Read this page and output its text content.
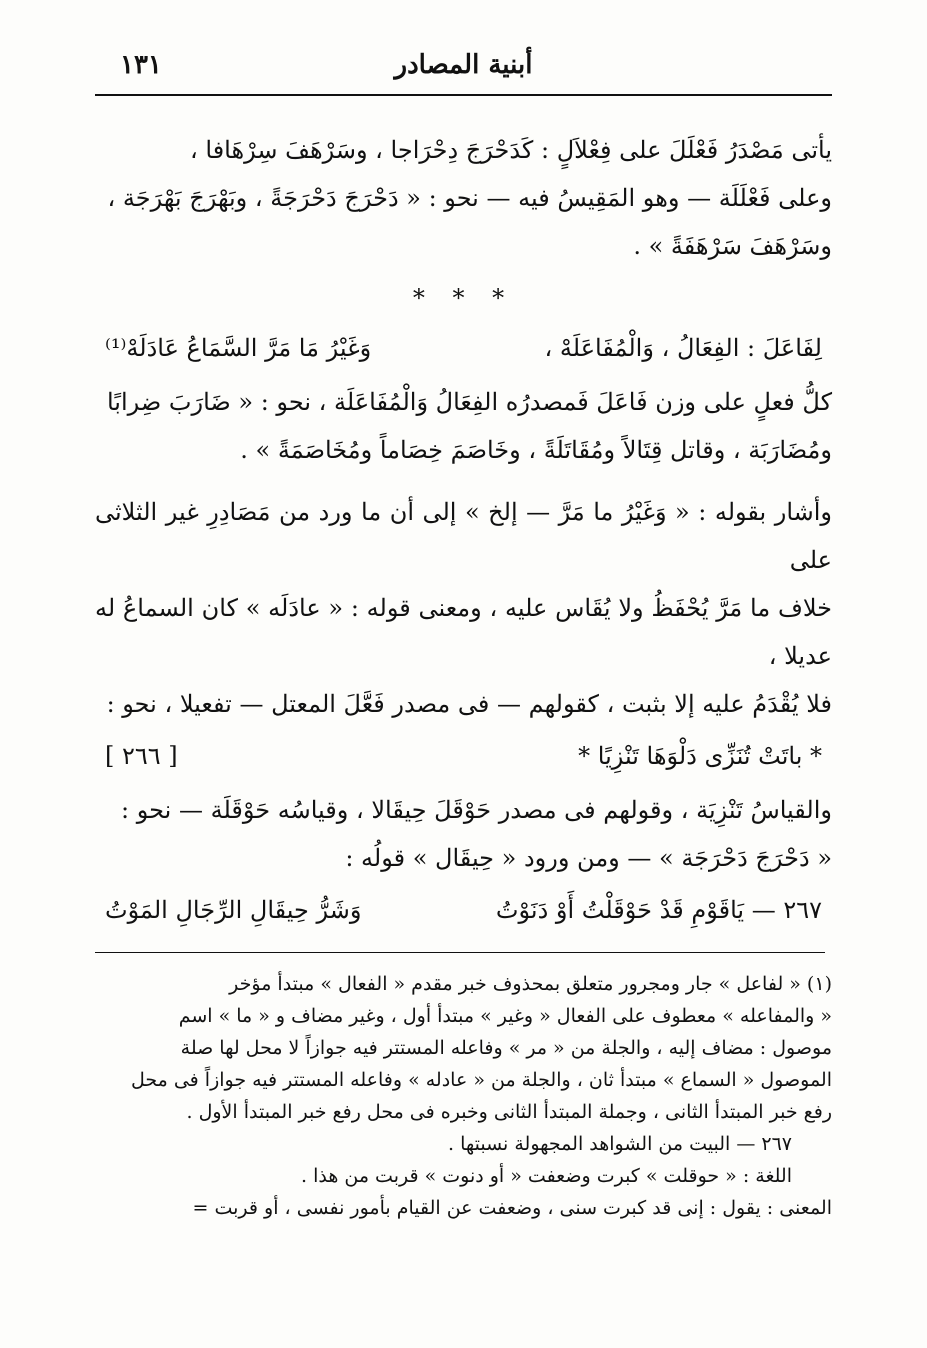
أبنية المصادر
١٣١

يأتى مَصْدَرُ فَعْلَلَ على فِعْلاَلٍ : كَدَحْرَجَ دِحْرَاجا ، وسَرْهَفَ سِرْهَافا ،
وعلى فَعْلَلَة — وهو المَقِيسُ فيه — نحو : « دَحْرَجَ دَحْرَجَةً ، وبَهْرَجَ بَهْرَجَة ،
وسَرْهَفَ سَرْهَفَةً » .

* * *

لِفَاعَلَ : الفِعَالُ ، وَالْمُفَاعَلَهْ ،
وَغَيْرُ مَا مَرَّ السَّمَاعُ عَادَلَهْ⁽¹⁾

كلُّ فعلٍ على وزن فَاعَلَ فَمصدرُه الفِعَالُ وَالْمُفَاعَلَة ، نحو : « ضَارَبَ ضِرابًا
ومُضَارَبَة ، وقاتل قِتَالاً ومُقَاتَلَةً ، وخَاصَمَ خِصَاماً ومُخَاصَمَةً » .

وأشار بقوله : « وَغَيْرُ ما مَرَّ — إلخ » إلى أن ما ورد من مَصَادِرِ غير الثلاثى على
خلاف ما مَرَّ يُحْفَظُ ولا يُقَاس عليه ، ومعنى قوله : « عادَلَه » كان السماعُ له عديلا ،
فلا يُقْدَمُ عليه إلا بثبت ، كقولهم — فى مصدر فَعَّلَ المعتل — تفعيلا ، نحو :

* باتَتْ تُنَزِّى دَلْوَهَا تَنْزِيًا *
[ ٢٦٦ ]

والقياسُ تَنْزِيَة ، وقولهم فى مصدر حَوْقَلَ حِيقَالا ، وقياسُه حَوْقَلَة — نحو :
« دَحْرَجَ دَحْرَجَة » — ومن ورود « حِيقَال » قولُه :

٢٦٧ — يَاقَوْمِ قَدْ حَوْقَلْتُ أَوْ دَنَوْتُ
وَشَرُّ حِيقَالِ الرِّجَالِ المَوْتُ

(١) « لفاعل » جار ومجرور متعلق بمحذوف خبر مقدم « الفعال » مبتدأ مؤخر
« والمفاعله » معطوف على الفعال « وغير » مبتدأ أول ، وغير مضاف و « ما » اسم
موصول : مضاف إليه ، والجلة من « مر » وفاعله المستتر فيه جوازاً لا محل لها صلة
الموصول « السماع » مبتدأ ثان ، والجلة من « عادله » وفاعله المستتر فيه جوازاً فى محل
رفع خبر المبتدأ الثانى ، وجملة المبتدأ الثانى وخبره فى محل رفع خبر المبتدأ الأول .

٢٦٧ — البيت من الشواهد المجهولة نسبتها .

اللغة : « حوقلت » كبرت وضعفت « أو دنوت » قربت من هذا .

المعنى : يقول : إنى قد كبرت سنى ، وضعفت عن القيام بأمور نفسى ، أو قربت =
